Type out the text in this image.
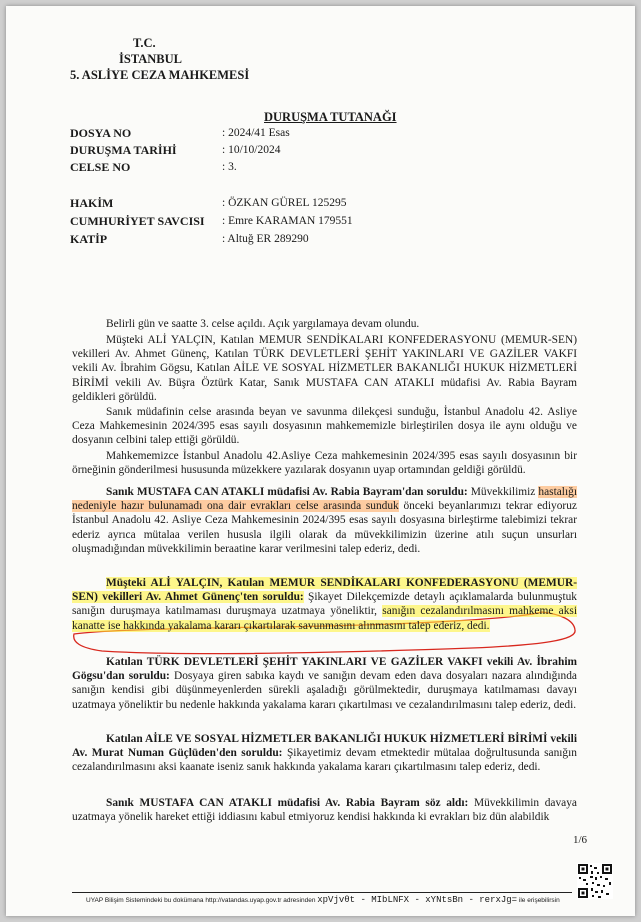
T.C.
İSTANBUL
5. ASLİYE CEZA MAHKEMESİ
DURUŞMA TUTANAĞI
DOSYA NO	: 2024/41 Esas
DURUŞMA TARİHİ	: 10/10/2024
CELSE NO	: 3.
HAKİM	: ÖZKAN GÜREL 125295
CUMHURİYET SAVCISI : Emre KARAMAN 179551
KATİP	: Altuğ ER 289290

Belirli gün ve saatte 3. celse açıldı. Açık yargılamaya devam olundu.

Müşteki ALİ YALÇIN, Katılan MEMUR SENDİKALARI KONFEDERASYONU (MEMUR-SEN) vekilleri Av. Ahmet Günenç, Katılan TÜRK DEVLETLERİ ŞEHİT YAKINLARI VE GAZİLER VAKFI vekili Av. İbrahim Gögsu, Katılan AİLE VE SOSYAL HİZMETLER BAKANLIĞI HUKUK HİZMETLERİ BİRİMİ vekili Av. Büşra Öztürk Katar, Sanık MUSTAFA CAN ATAKLI müdafisi Av. Rabia Bayram geldikleri görüldü.

Sanık müdafinin celse arasında beyan ve savunma dilekçesi sunduğu, İstanbul Anadolu 42. Asliye Ceza Mahkemesinin 2024/395 esas sayılı dosyasının mahkememizle birleştirilen dosya ile aynı olduğu ve dosyanın celbini talep ettiği görüldü.

Mahkememizce İstanbul Anadolu 42.Asliye Ceza mahkemesinin 2024/395 esas sayılı dosyasının bir örneğinin gönderilmesi hususunda müzekkere yazılarak dosyanın uyap ortamından geldiği görüldü.

Sanık MUSTAFA CAN ATAKLI müdafisi Av. Rabia Bayram'dan soruldu: Müvekkilimiz hastalığı nedeniyle hazır bulunamadı ona dair evrakları celse arasında sunduk önceki beyanlarımızı tekrar ediyoruz İstanbul Anadolu 42. Asliye Ceza Mahkemesinin 2024/395 esas sayılı dosyasına birleştirme talebimizi tekrar ederiz ayrıca mütalaa verilen hususla ilgili olarak da müvekkilimizin üzerine atılı suçun unsurları oluşmadığından müvekkilimin beraatine karar verilmesini talep ederiz, dedi.

Müşteki ALİ YALÇIN, Katılan MEMUR SENDİKALARI KONFEDERASYONU (MEMUR-SEN) vekilleri Av. Ahmet Günenç'ten soruldu: Şikayet Dilekçemizde detaylı açıklamalarda bulunmuştuk sanığın duruşmaya katılmaması duruşmaya uzatmaya yöneliktir, sanığın cezalandırılmasını mahkeme aksi kanatte ise hakkında yakalama kararı çıkartılarak savunmasını alınmasını talep ederiz, dedi.

Katılan TÜRK DEVLETLERİ ŞEHİT YAKINLARI VE GAZİLER VAKFI vekili Av. İbrahim Gögsu'dan soruldu: Dosyaya giren sabıka kaydı ve sanığın devam eden dava dosyaları nazara alındığında sanığın kendisi gibi düşünmeyenlerden sürekli aşaladığı görülmektedir, duruşmaya katılmaması davayı uzatmaya yöneliktir bu nedenle hakkında yakalama kararı çıkartılması ve cezalandırılmasını talep ederiz, dedi.

Katılan AİLE VE SOSYAL HİZMETLER BAKANLIĞI HUKUK HİZMETLERİ BİRİMİ vekili Av. Murat Numan Güçlüden'den soruldu: Şikayetimiz devam etmektedir mütalaa doğrultusunda sanığın cezalandırılmasını aksi kaanate iseniz sanık hakkında yakalama kararı çıkartılmasını talep ederiz, dedi.

Sanık MUSTAFA CAN ATAKLI müdafisi Av. Rabia Bayram söz aldı: Müvekkilimin davaya uzatmaya yönelik hareket ettiği iddiasını kabul etmiyoruz kendisi hakkında ki evrakları biz dün alabildik

1/6
UYAP Bilişim Sistemindeki bu dokümana http://vatandas.uyap.gov.tr adresinden xpVjvθt - MIbLNFX - xYNtsBn - rerxJg= ile erişebilirsin
